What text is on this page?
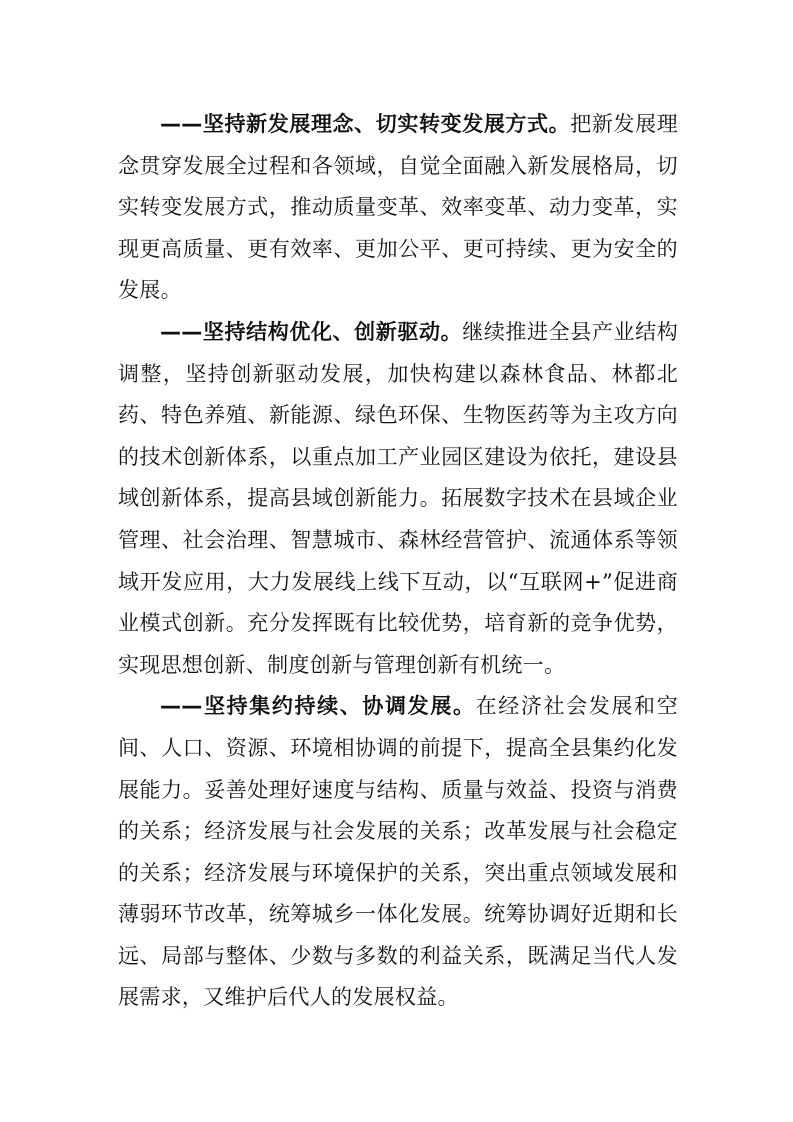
——坚持新发展理念、切实转变发展方式。把新发展理念贯穿发展全过程和各领域，自觉全面融入新发展格局，切实转变发展方式，推动质量变革、效率变革、动力变革，实现更高质量、更有效率、更加公平、更可持续、更为安全的发展。

——坚持结构优化、创新驱动。继续推进全县产业结构调整，坚持创新驱动发展，加快构建以森林食品、林都北药、特色养殖、新能源、绿色环保、生物医药等为主攻方向的技术创新体系，以重点加工产业园区建设为依托，建设县域创新体系，提高县域创新能力。拓展数字技术在县域企业管理、社会治理、智慧城市、森林经营管护、流通体系等领域开发应用，大力发展线上线下互动，以“互联网+”促进商业模式创新。充分发挥既有比较优势，培育新的竞争优势，实现思想创新、制度创新与管理创新有机统一。

——坚持集约持续、协调发展。在经济社会发展和空间、人口、资源、环境相协调的前提下，提高全县集约化发展能力。妥善处理好速度与结构、质量与效益、投资与消费的关系；经济发展与社会发展的关系；改革发展与社会稳定的关系；经济发展与环境保护的关系，突出重点领域发展和薄弱环节改革，统筹城乡一体化发展。统筹协调好近期和长远、局部与整体、少数与多数的利益关系，既满足当代人发展需求，又维护后代人的发展权益。
